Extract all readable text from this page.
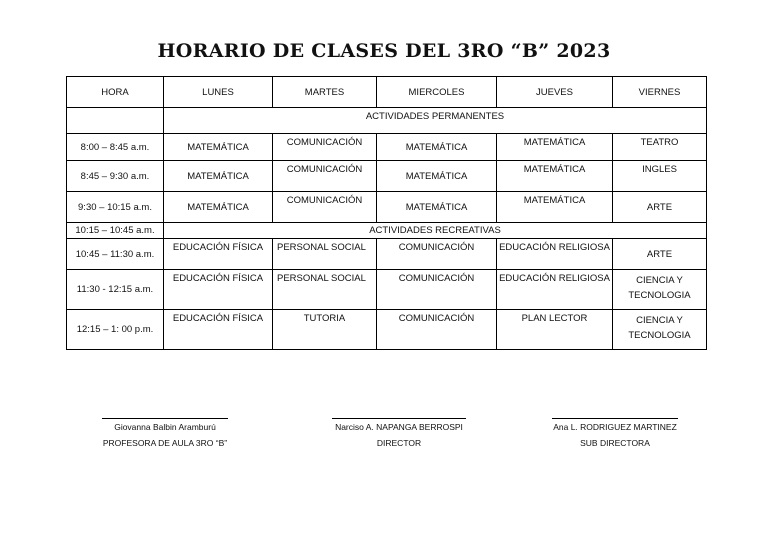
HORARIO DE CLASES DEL 3RO “B” 2023
HORA	LUNES	MARTES	MIERCOLES	JUEVES	VIERNES
	ACTIVIDADES PERMANENTES				
8:00 – 8:45 a.m.	MATEMÁTICA	COMUNICACIÓN	MATEMÁTICA	MATEMÁTICA	TEATRO
8:45 – 9:30 a.m.	MATEMÁTICA	COMUNICACIÓN	MATEMÁTICA	MATEMÁTICA	INGLES
9:30 – 10:15 a.m.	MATEMÁTICA	COMUNICACIÓN	MATEMÁTICA	MATEMÁTICA	ARTE
10:15 – 10:45 a.m.	ACTIVIDADES RECREATIVAS				
10:45 – 11:30 a.m.	EDUCACIÓN FÍSICA	PERSONAL SOCIAL	COMUNICACIÓN	EDUCACIÓN RELIGIOSA	ARTE
11:30 - 12:15 a.m.	EDUCACIÓN FÍSICA	PERSONAL SOCIAL	COMUNICACIÓN	EDUCACIÓN RELIGIOSA	CIENCIA Y
TECNOLOGIA

12:15 – 1: 00 p.m.	EDUCACIÓN FÍSICA	TUTORIA	COMUNICACIÓN	PLAN LECTOR	CIENCIA Y
TECNOLOGIA
Giovanna Balbin Aramburú
PROFESORA DE AULA 3RO “B”
Narciso A. NAPANGA BERROSPI
DIRECTOR
Ana L. RODRIGUEZ MARTINEZ
SUB DIRECTORA
